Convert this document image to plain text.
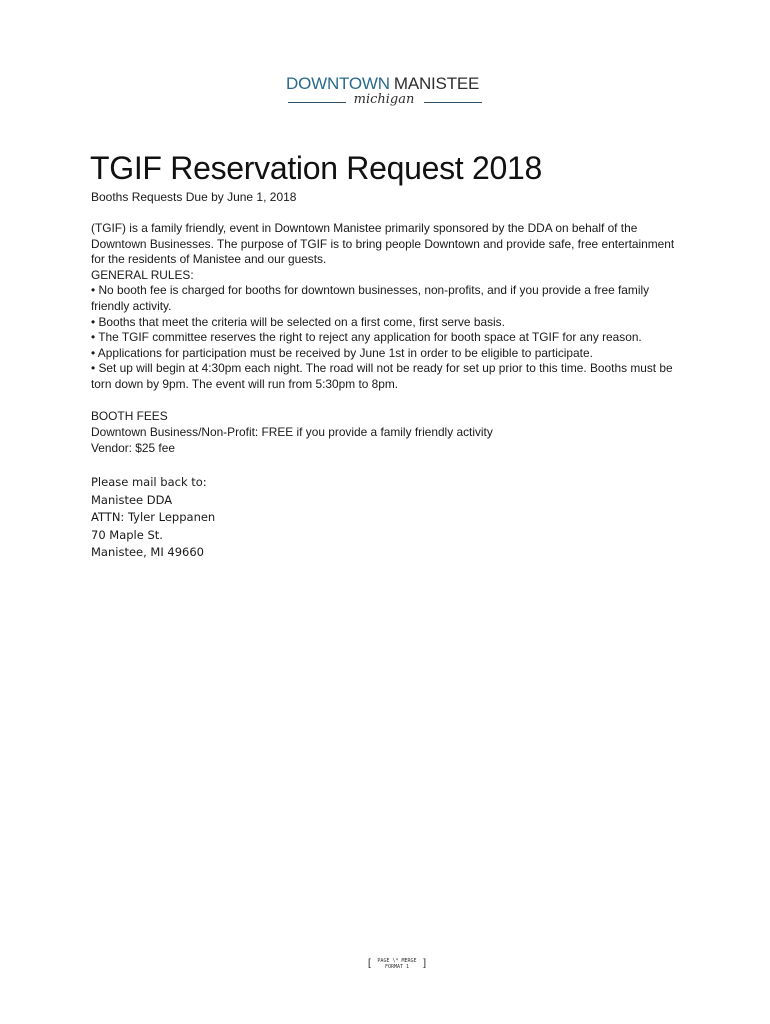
DOWNTOWN MANISTEE
michigan
TGIF Reservation Request 2018
Booths Requests Due by June 1, 2018

(TGIF) is a family friendly, event in Downtown Manistee primarily sponsored by the DDA on behalf of the Downtown Businesses. The purpose of TGIF is to bring people Downtown and provide safe, free entertainment for the residents of Manistee and our guests.

GENERAL RULES:

• No booth fee is charged for booths for downtown businesses, non-profits, and if you provide a free family friendly activity.

• Booths that meet the criteria will be selected on a first come, first serve basis.

• The TGIF committee reserves the right to reject any application for booth space at TGIF for any reason.

• Applications for participation must be received by June 1st in order to be eligible to participate.

• Set up will begin at 4:30pm each night. The road will not be ready for set up prior to this time. Booths must be torn down by 9pm. The event will run from 5:30pm to 8pm.

BOOTH FEES

Downtown Business/Non-Profit: FREE if you provide a family friendly activity

Vendor: $25 fee

Please mail back to:

Manistee DDA

ATTN: Tyler Leppanen

70 Maple St.

Manistee, MI 49660

[ PAGE \* MERGEFORMAT 1	]
